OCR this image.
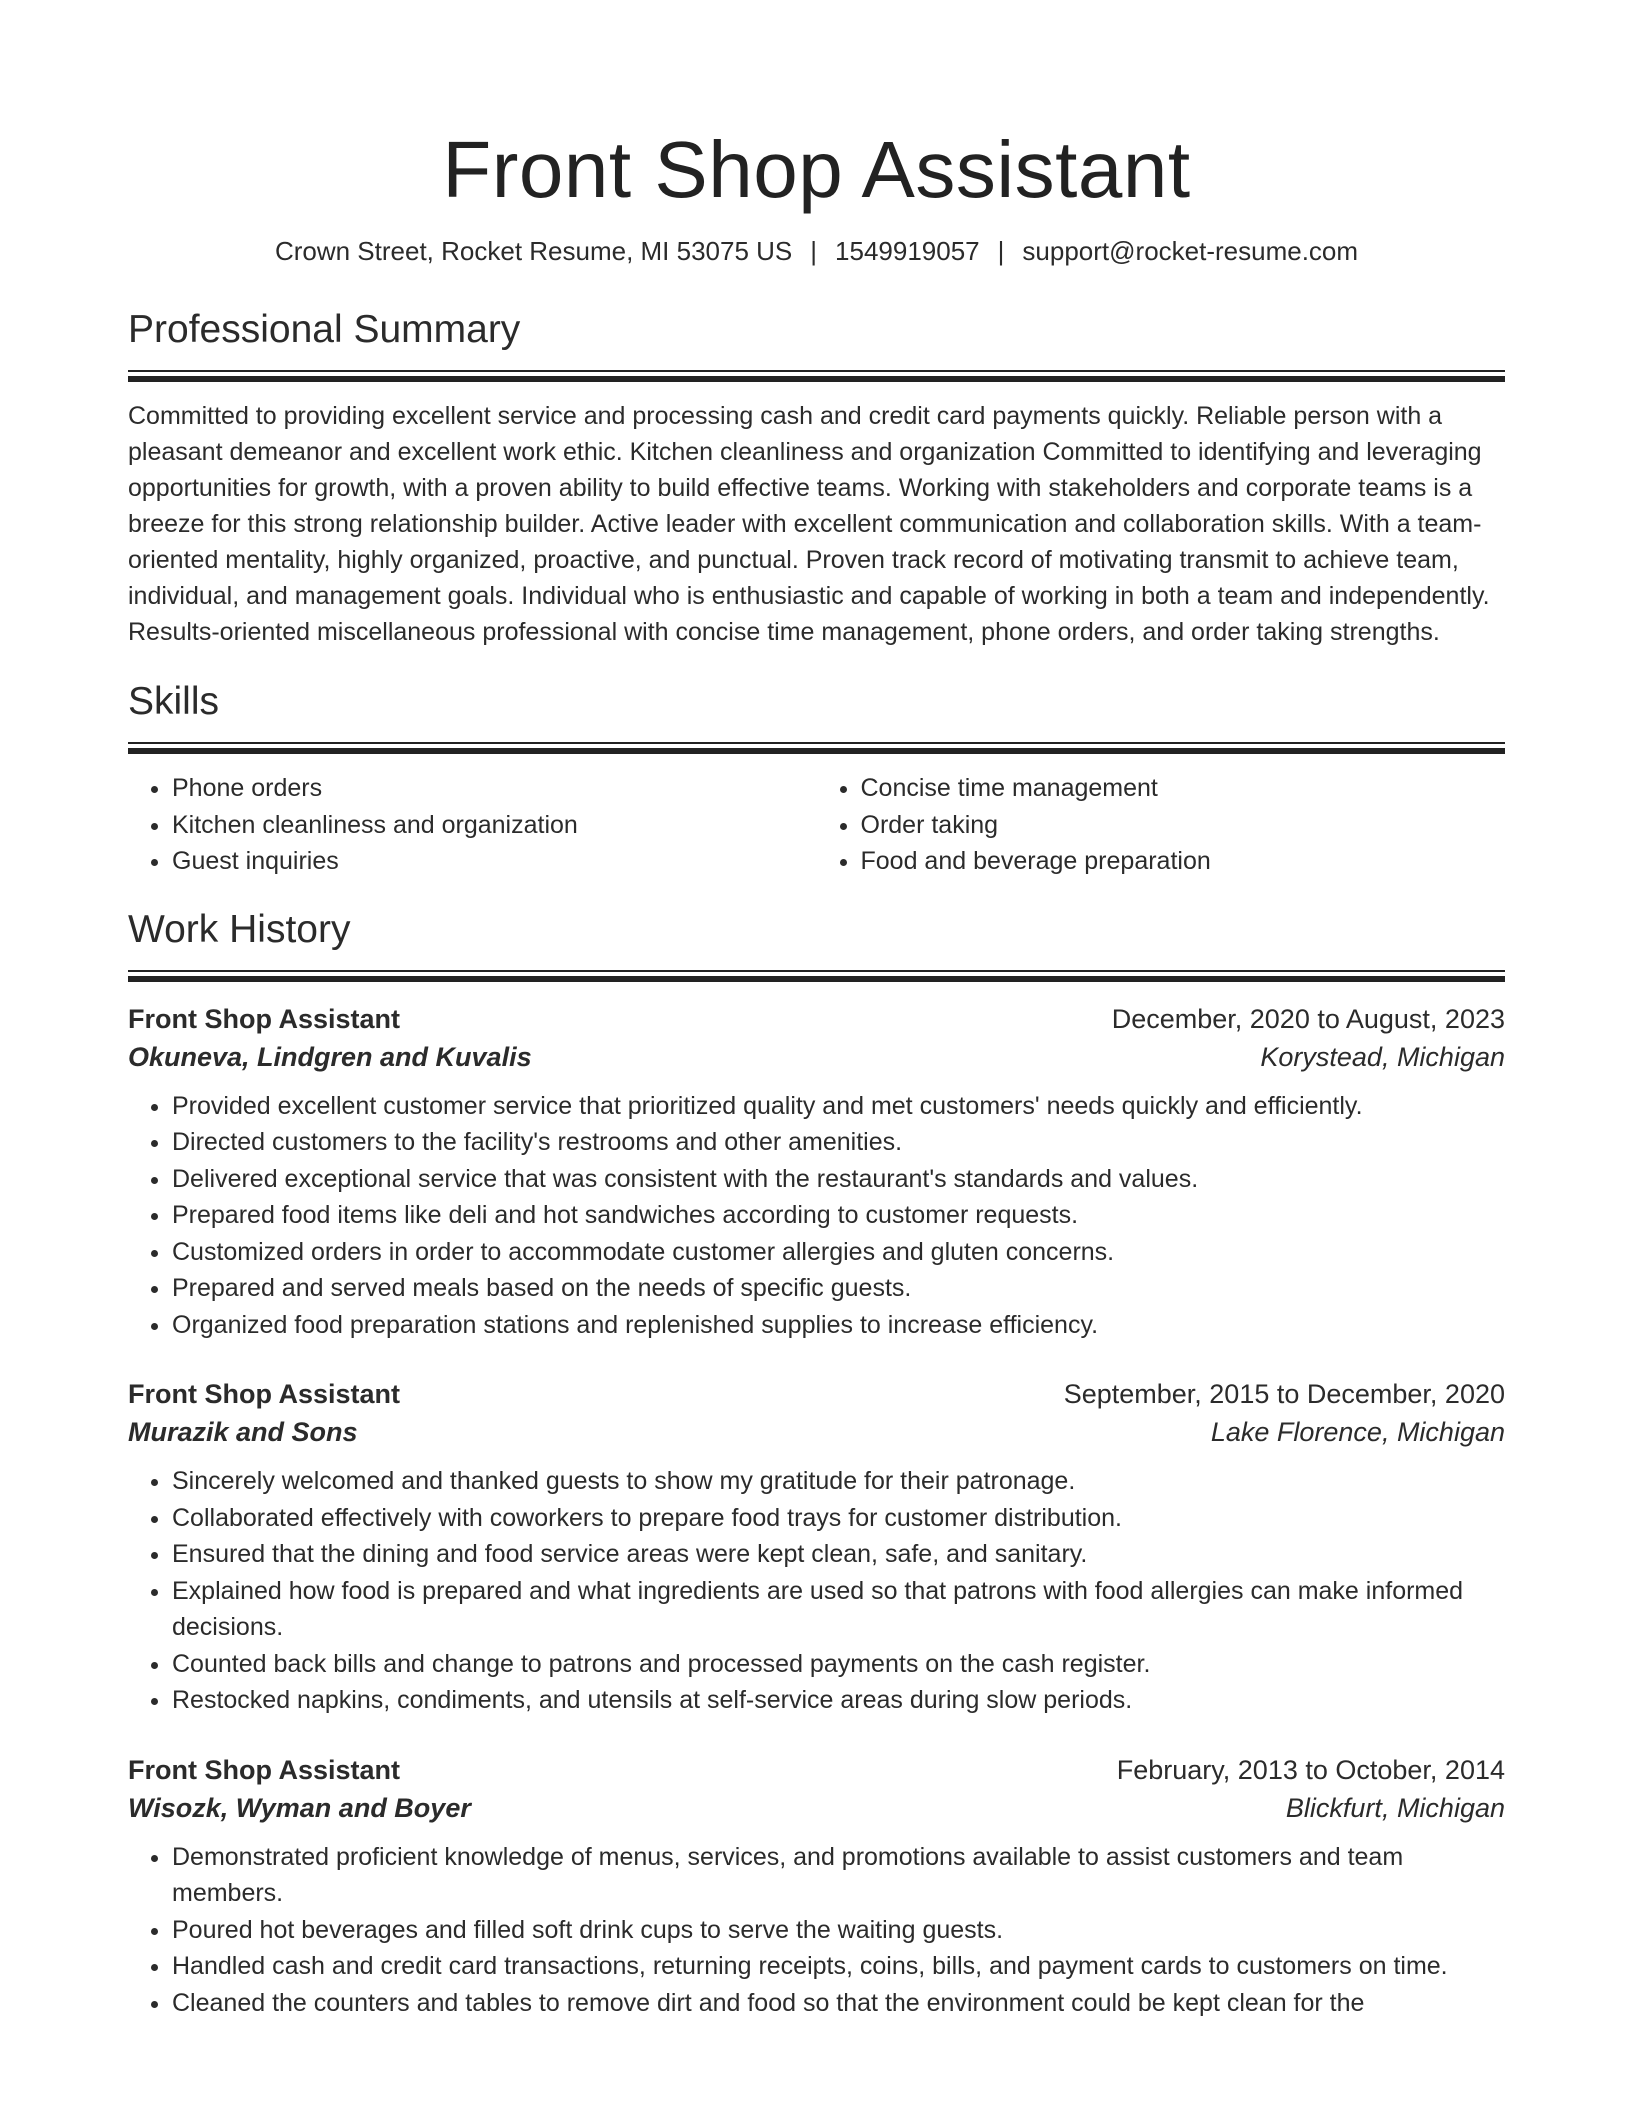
Front Shop Assistant
Crown Street, Rocket Resume, MI 53075 US | 1549919057 | support@rocket-resume.com
Professional Summary
Committed to providing excellent service and processing cash and credit card payments quickly. Reliable person with a pleasant demeanor and excellent work ethic. Kitchen cleanliness and organization Committed to identifying and leveraging opportunities for growth, with a proven ability to build effective teams. Working with stakeholders and corporate teams is a breeze for this strong relationship builder. Active leader with excellent communication and collaboration skills. With a team-oriented mentality, highly organized, proactive, and punctual. Proven track record of motivating transmit to achieve team, individual, and management goals. Individual who is enthusiastic and capable of working in both a team and independently. Results-oriented miscellaneous professional with concise time management, phone orders, and order taking strengths.
Skills
• Phone orders
• Kitchen cleanliness and organization
• Guest inquiries
• Concise time management
• Order taking
• Food and beverage preparation
Work History
Front Shop Assistant	December, 2020 to August, 2023
Okuneva, Lindgren and Kuvalis	Korystead, Michigan
• Provided excellent customer service that prioritized quality and met customers' needs quickly and efficiently.
• Directed customers to the facility's restrooms and other amenities.
• Delivered exceptional service that was consistent with the restaurant's standards and values.
• Prepared food items like deli and hot sandwiches according to customer requests.
• Customized orders in order to accommodate customer allergies and gluten concerns.
• Prepared and served meals based on the needs of specific guests.
• Organized food preparation stations and replenished supplies to increase efficiency.
Front Shop Assistant	September, 2015 to December, 2020
Murazik and Sons	Lake Florence, Michigan
• Sincerely welcomed and thanked guests to show my gratitude for their patronage.
• Collaborated effectively with coworkers to prepare food trays for customer distribution.
• Ensured that the dining and food service areas were kept clean, safe, and sanitary.
• Explained how food is prepared and what ingredients are used so that patrons with food allergies can make informed decisions.
• Counted back bills and change to patrons and processed payments on the cash register.
• Restocked napkins, condiments, and utensils at self-service areas during slow periods.
Front Shop Assistant	February, 2013 to October, 2014
Wisozk, Wyman and Boyer	Blickfurt, Michigan
• Demonstrated proficient knowledge of menus, services, and promotions available to assist customers and team members.
• Poured hot beverages and filled soft drink cups to serve the waiting guests.
• Handled cash and credit card transactions, returning receipts, coins, bills, and payment cards to customers on time.
• Cleaned the counters and tables to remove dirt and food so that the environment could be kept clean for the
